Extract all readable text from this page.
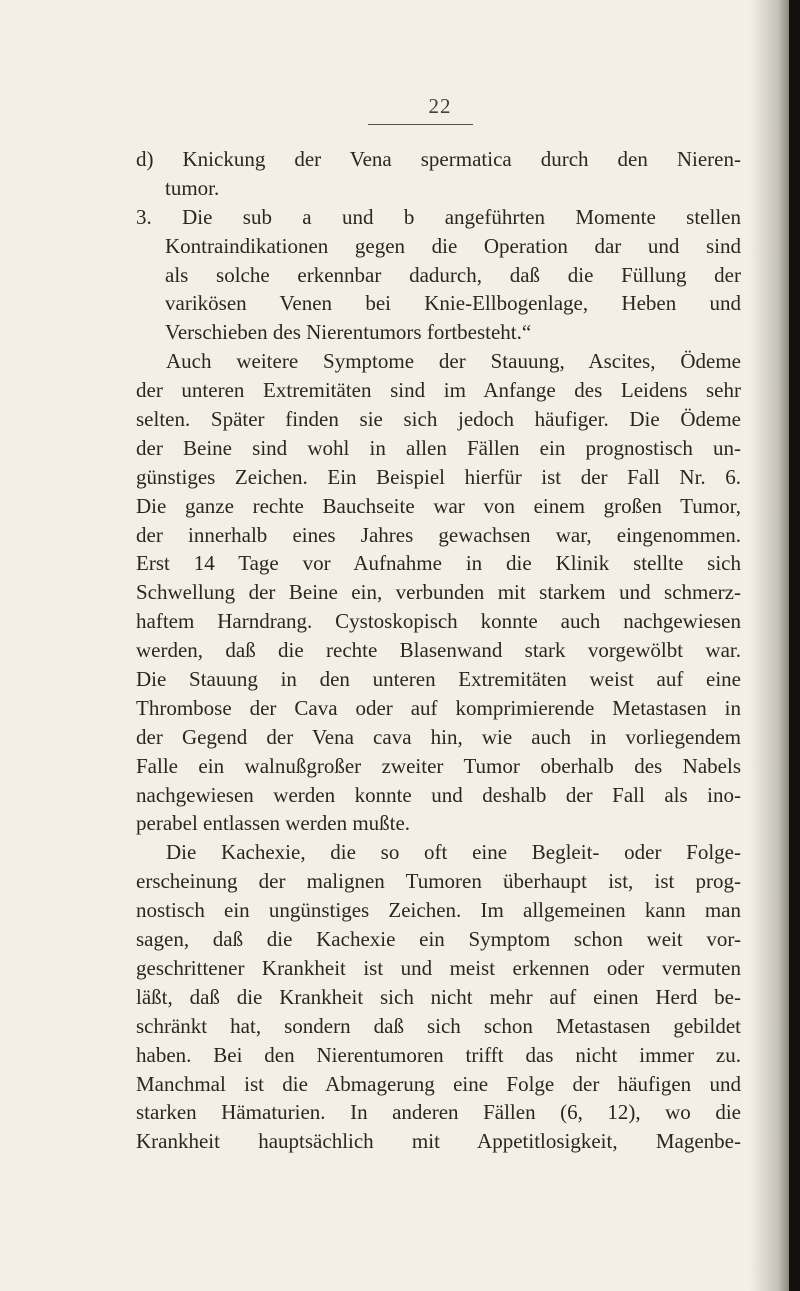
22
d) Knickung der Vena spermatica durch den Nieren-
tumor.
3. Die sub a und b angeführten Momente stellen
Kontraindikationen gegen die Operation dar und sind
als solche erkennbar dadurch, daß die Füllung der
varikösen Venen bei Knie-Ellbogenlage, Heben und
Verschieben des Nierentumors fortbesteht.“
Auch weitere Symptome der Stauung, Ascites, Ödeme
der unteren Extremitäten sind im Anfange des Leidens sehr
selten. Später finden sie sich jedoch häufiger. Die Ödeme
der Beine sind wohl in allen Fällen ein prognostisch un-
günstiges Zeichen. Ein Beispiel hierfür ist der Fall Nr. 6.
Die ganze rechte Bauchseite war von einem großen Tumor,
der innerhalb eines Jahres gewachsen war, eingenommen.
Erst 14 Tage vor Aufnahme in die Klinik stellte sich
Schwellung der Beine ein, verbunden mit starkem und schmerz-
haftem Harndrang. Cystoskopisch konnte auch nachgewiesen
werden, daß die rechte Blasenwand stark vorgewölbt war.
Die Stauung in den unteren Extremitäten weist auf eine
Thrombose der Cava oder auf komprimierende Metastasen in
der Gegend der Vena cava hin, wie auch in vorliegendem
Falle ein walnußgroßer zweiter Tumor oberhalb des Nabels
nachgewiesen werden konnte und deshalb der Fall als ino-
perabel entlassen werden mußte.
Die Kachexie, die so oft eine Begleit- oder Folge-
erscheinung der malignen Tumoren überhaupt ist, ist prog-
nostisch ein ungünstiges Zeichen. Im allgemeinen kann man
sagen, daß die Kachexie ein Symptom schon weit vor-
geschrittener Krankheit ist und meist erkennen oder vermuten
läßt, daß die Krankheit sich nicht mehr auf einen Herd be-
schränkt hat, sondern daß sich schon Metastasen gebildet
haben. Bei den Nierentumoren trifft das nicht immer zu.
Manchmal ist die Abmagerung eine Folge der häufigen und
starken Hämaturien. In anderen Fällen (6, 12), wo die
Krankheit hauptsächlich mit Appetitlosigkeit, Magenbe-
